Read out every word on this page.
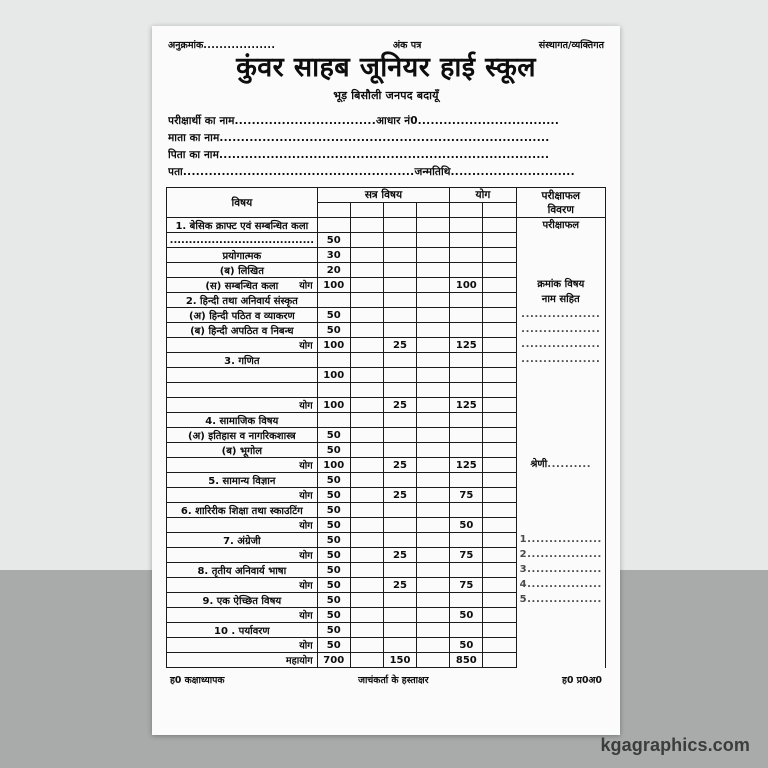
अनुक्रमांक..................	अंक पत्र	संस्थागत/व्यक्तिगत
कुंवर साहब जूनियर हाई स्कूल
भूड़ बिसौली जनपद बदायूँ
परीक्षार्थी का नाम.................................आधार नं0.................................
माता का नाम.............................................................................
पिता का नाम.............................................................................
पता......................................................जन्मतिथि.............................
विषय	सत्र विषय				योग		परीक्षाफल
विवरण

1. बेसिक क्राफ्ट एवं सम्बन्धित कला							परीक्षाफल
......................................	50						
प्रयोगात्मक	30						
(ब) लिखित	20						
(स) सम्बन्धित कला योग	100				100		क्रमांक विषय
2. हिन्दी तथा अनिवार्य संस्कृत							नाम सहित
(अ) हिन्दी पठित व व्याकरण	50						..................
(ब) हिन्दी अपठित व निबन्ध	50						..................

योग	100		25		125		..................
3. गणित							..................
	100						

योग	100		25		125		
4. सामाजिक विषय							
(अ) इतिहास व नागरिकशास्त्र	50						
(ब) भूगोल	50						

योग	100		25		125		श्रेणी..........
5. सामान्य विज्ञान	50						

योग	50		25		75		
6. शारिरीक शिक्षा तथा स्काउटिंग	50						

योग	50				50		
7. अंग्रेजी	50						1.................

योग	50		25		75		2.................
8. तृतीय अनिवार्य भाषा	50						3.................

योग	50		25		75		4.................
9. एक ऐच्छित विषय	50						5.................

योग	50				50		
10 . पर्यावरण	50						

योग	50				50		

महायोग	700		150		850		
ह0 कक्षाध्यापक	जाचंकर्ता के हस्ताक्षर	ह0 प्र0अ0
kgagraphics.com
